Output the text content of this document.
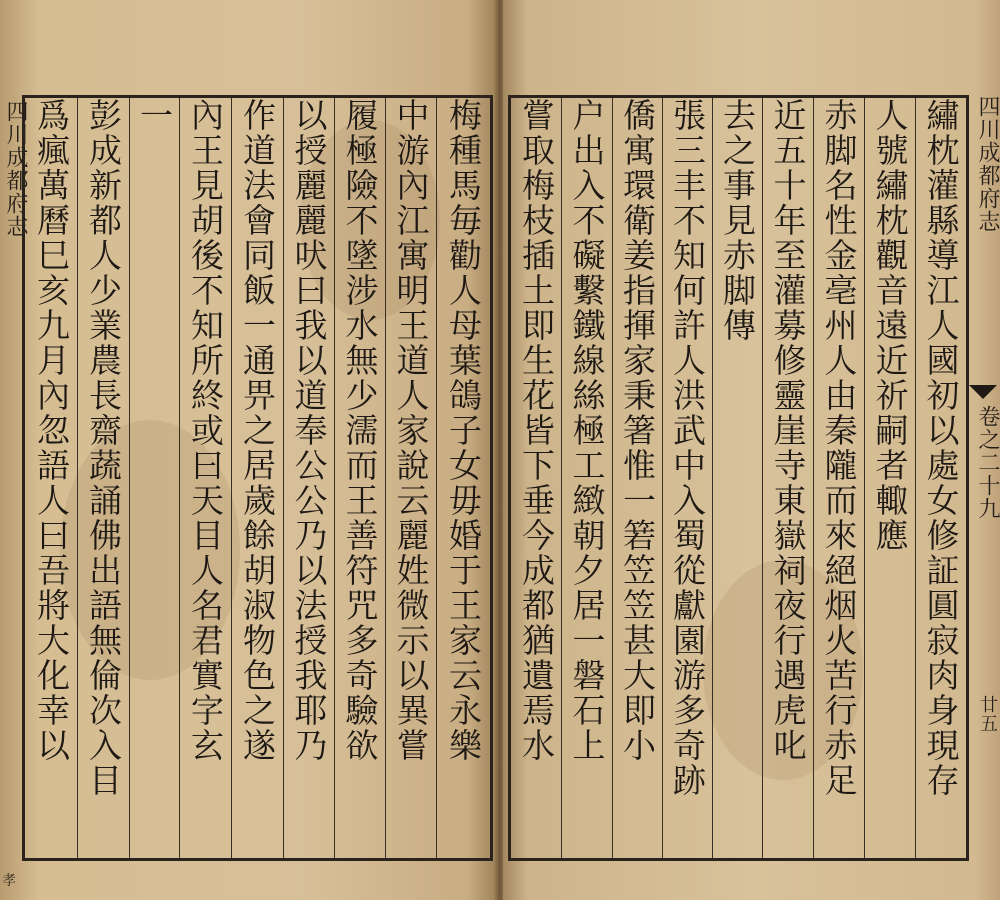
四川成都府志 爲瘋萬曆巳亥九月內忽語人曰吾將大化幸以 彭成新都人少業農長齋蔬誦佛出語無倫次入目 一 內王見胡後不知所終或曰天目人名君實字玄 作道法會同飯一通畀之居歲餘胡淑物色之遂 以授麗麗吠曰我以道奉公公乃以法授我耶乃 履極險不墜涉水無少濡而王善符咒多奇驗欲 中游內江寓明王道人家說云麗姓微示以異嘗 梅種馬毎勸人母葉鴿子女毋婚于王家云永樂
孝
嘗取梅枝插土即生花皆下垂今成都猶遺焉水 户出入不礙繫鐵線絲極工緻朝夕居一磐石上 僑寓環衛姜指揮家秉箸惟一箬笠笠甚大即小 張三丰不知何許人洪武中入蜀從獻園游多奇跡 去之事見赤脚傳 近五十年至灌募修靈崖寺東嶽祠夜行遇虎叱 赤脚名性金亳州人由秦隴而來絕烟火苦行赤足 人號繡枕觀音遠近祈嗣者輙應 繡枕灌縣導江人國初以處女修証圓寂肉身現存 四川成都府志
卷之二十九
廿五
